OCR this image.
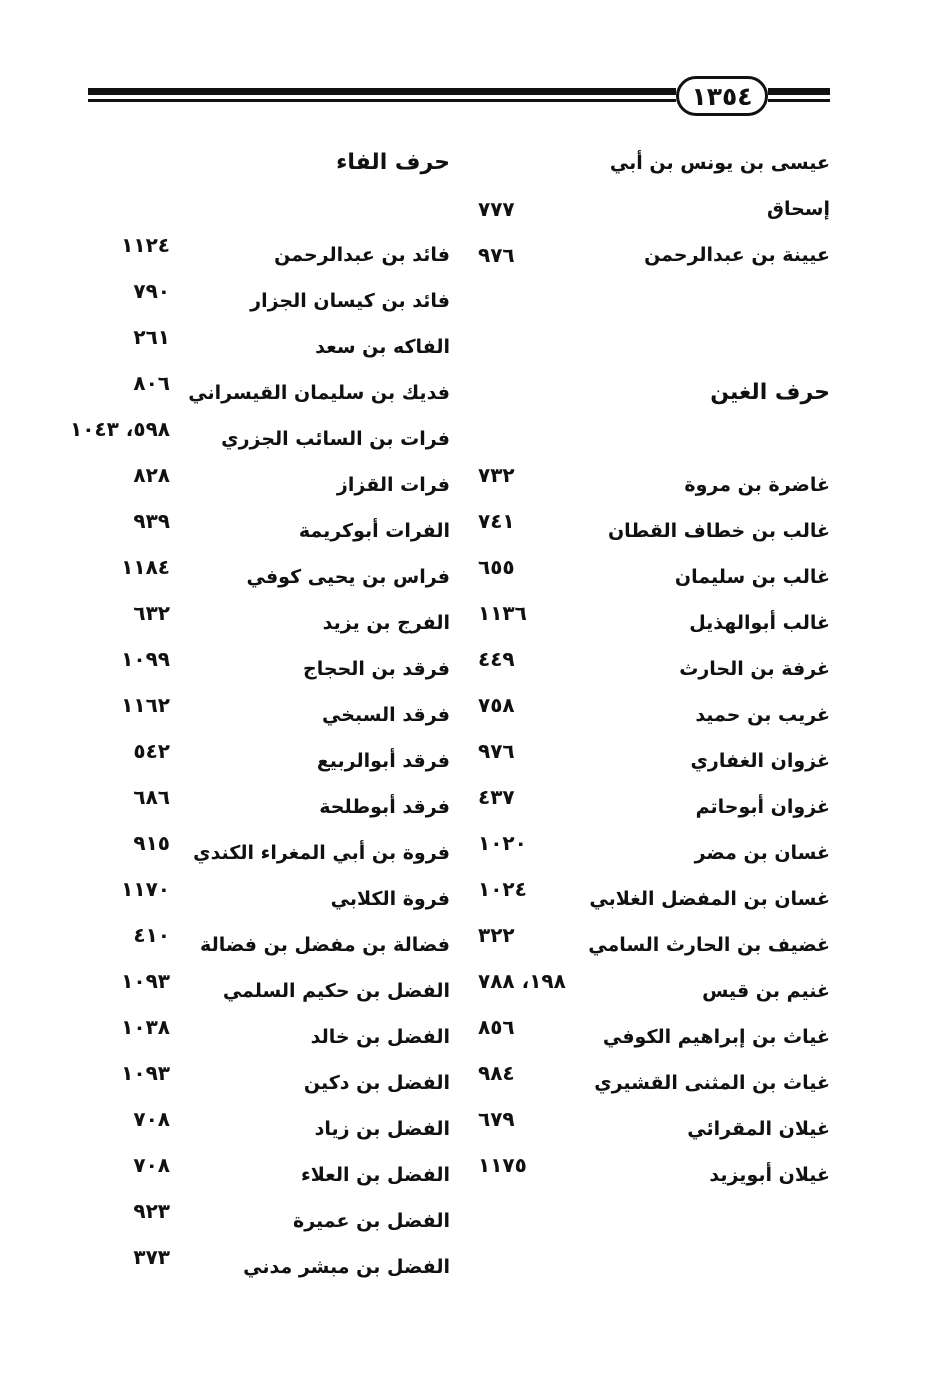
١٣٥٤
عيسى بن يونس بن أبي
إسحاق
٧٧٧
عيينة بن عبدالرحمن
٩٧٦
حرف الغين
غاضرة بن مروة
٧٣٢
غالب بن خطاف القطان
٧٤١
غالب بن سليمان
٦٥٥
غالب أبوالهذيل
١١٣٦
غرفة بن الحارث
٤٤٩
غريب بن حميد
٧٥٨
غزوان الغفاري
٩٧٦
غزوان أبوحاتم
٤٣٧
غسان بن مضر
١٠٢٠
غسان بن المفضل الغلابي
١٠٢٤
غضيف بن الحارث السامي
٣٢٢
غنيم بن قيس
١٩٨، ٧٨٨
غياث بن إبراهيم الكوفي
٨٥٦
غياث بن المثنى القشيري
٩٨٤
غيلان المقرائي
٦٧٩
غيلان أبويزيد
١١٧٥
حرف الفاء
فائد بن عبدالرحمن
١١٢٤
فائد بن كيسان الجزار
٧٩٠
الفاكه بن سعد
٢٦١
فديك بن سليمان القيسراني
٨٠٦
فرات بن السائب الجزري
٥٩٨، ١٠٤٣
فرات القزاز
٨٢٨
الفرات أبوكريمة
٩٣٩
فراس بن يحيى كوفي
١١٨٤
الفرج بن يزيد
٦٣٢
فرقد بن الحجاج
١٠٩٩
فرقد السبخي
١١٦٢
فرقد أبوالربيع
٥٤٢
فرقد أبوطلحة
٦٨٦
فروة بن أبي المغراء الكندي
٩١٥
فروة الكلابي
١١٧٠
فضالة بن مفضل بن فضالة
٤١٠
الفضل بن حكيم السلمي
١٠٩٣
الفضل بن خالد
١٠٣٨
الفضل بن دكين
١٠٩٣
الفضل بن زياد
٧٠٨
الفضل بن العلاء
٧٠٨
الفضل بن عميرة
٩٢٣
الفضل بن مبشر مدني
٣٧٣
